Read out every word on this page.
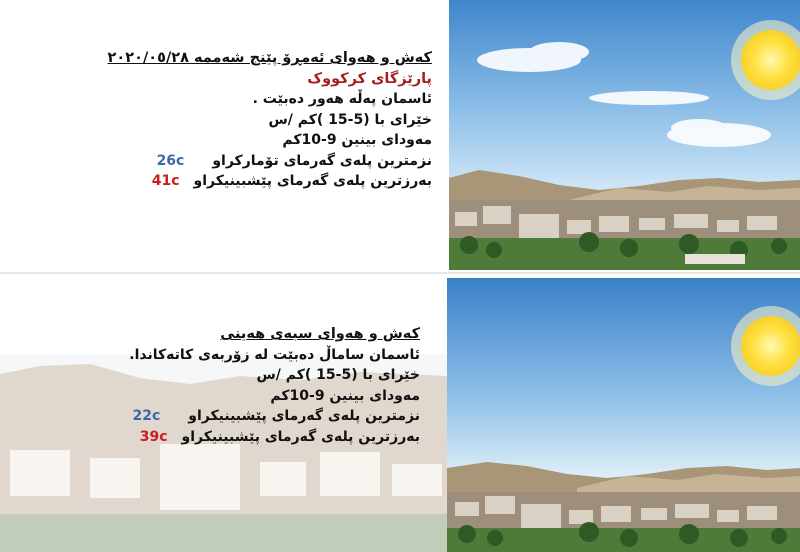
کەش و هەوای ئەمڕۆ پێنج شەممە ٢٠٢٠/٠٥/٢٨
پارێزگای کرکووک
ئاسمان پەڵە هەور دەبێت .
خێرای با (5-15 )کم /س
مەودای بینین 9-10کم
نزمترین پلەی گەرمای تۆمارکراو26c
بەرزترین پلەی گەرمای پێشبینیکراو41c
کەش و هەوای سبەی هەینی
ئاسمان ساماڵ دەبێت لە زۆربەی کاتەکاندا.
خێرای با (5-15 )کم /س
مەودای بینین 9-10کم
نزمترین پلەی گەرمای پێشبینیکراو22c
بەرزترین پلەی گەرمای پێشبینیکراو39c
